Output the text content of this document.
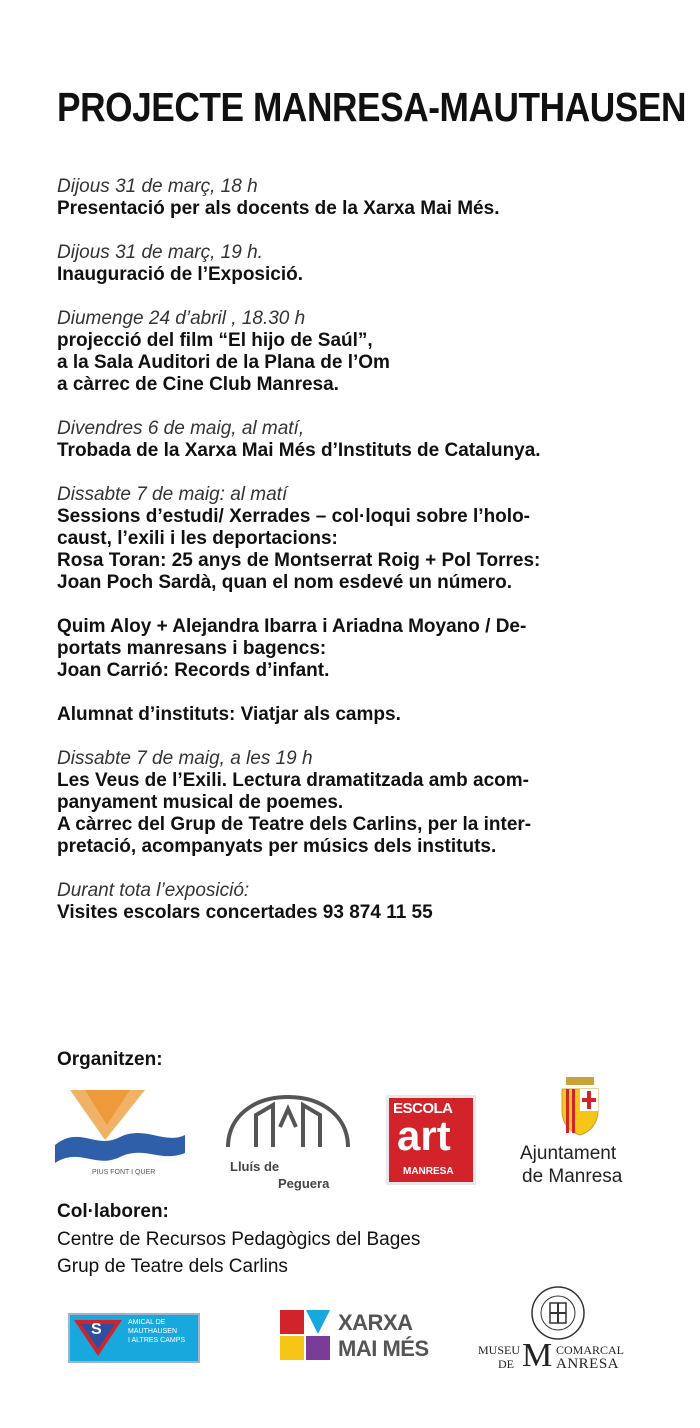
PROJECTE MANRESA-MAUTHAUSEN
Dijous 31 de març, 18 h
Presentació per als docents de la Xarxa Mai Més.
Dijous 31 de març, 19 h.
Inauguració de l’Exposició.
Diumenge 24 d’abril , 18.30 h
projecció del film “El hijo de Saúl”,
a la Sala Auditori de la Plana de l’Om
a càrrec de Cine Club Manresa.
Divendres 6 de maig, al matí,
Trobada de la Xarxa Mai Més d’Instituts de Catalunya.
Dissabte 7 de maig: al matí
Sessions d’estudi/ Xerrades – col·loqui sobre l’holo-
caust, l’exili i les deportacions:
Rosa Toran: 25 anys de Montserrat Roig + Pol Torres:
Joan Poch Sardà, quan el nom esdevé un número.
Quim Aloy + Alejandra Ibarra i Ariadna Moyano / De-
portats manresans i bagencs:
Joan Carrió: Records d’infant.
Alumnat d’instituts: Viatjar als camps.
Dissabte 7 de maig, a les 19 h
Les Veus de l’Exili. Lectura dramatitzada amb acom-
panyament musical de poemes.
A càrrec del Grup de Teatre dels Carlins, per la inter-
pretació, acompanyats per músics dels instituts.
Durant tota l’exposició:
Visites escolars concertades 93 874 11 55
Organitzen:
PIUS FONT I QUER	Lluís de
Peguera
ESCOLA
art
MANRESA
Ajuntament
de Manresa
Col·laboren:
Centre de Recursos Pedagògics del Bages
Grup de Teatre dels Carlins
S	AMICAL DE
MAUTHAUSEN
I ALTRES CAMPS
XARXA
MAI MÉS	MUSEU
DE M COMARCAL
ANRESA
